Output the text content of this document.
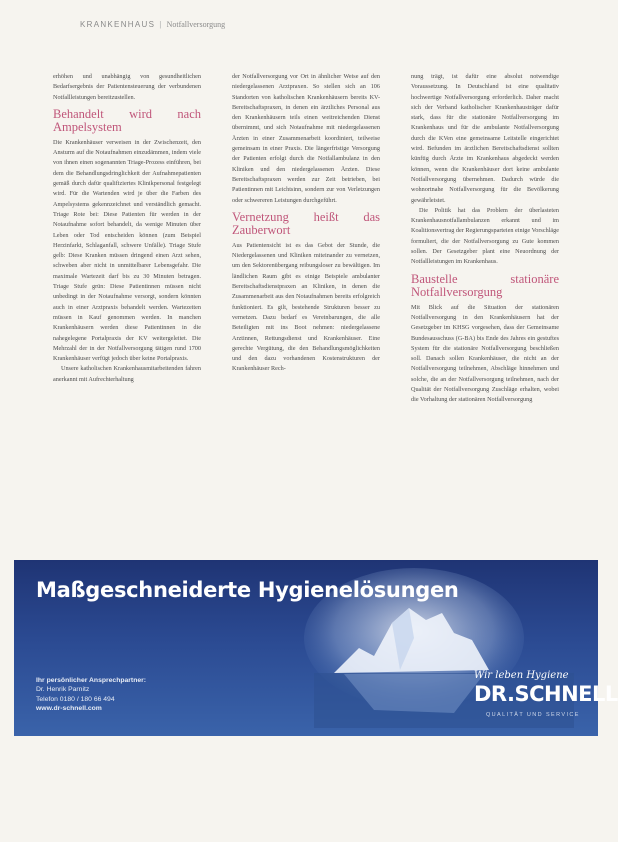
KRANKENHAUS | Notfallversorgung

erhöhen und unabhängig von gesundheitlichen Bedarfsergebnis der Patientensteuerung der verbundenen Notfallleistungen bereitzustellen.

Behandelt wird nach Ampelsystem

Die Krankenhäuser verweisen in der Zwischenzeit, den Ansturm auf die Notaufnahmen einzudämmen, indem viele von ihnen einen sogenannten Triage-Prozess einführen, bei dem die Behandlungsdringlichkeit der Aufnahmepatienten gemäß durch dafür qualifiziertes Klinikpersonal festgelegt wird. Für die Wartenden wird je über die Farben des Ampelsystems gekennzeichnet und verständlich gemacht. Triage Rote bei: Diese Patienten für werden in der Notaufnahme sofort behandelt, da wenige Minuten über Leben oder Tod entscheiden können (zum Beispiel Herzinfarkt, Schlaganfall, schwere Unfälle). Triage Stufe gelb: Diese Kranken müssen dringend einen Arzt sehen, schweben aber nicht in unmittelbarer Lebensgefahr. Die maximale Wartezeit darf bis zu 30 Minuten betragen. Triage Stufe grün: Diese Patientinnen müssen nicht unbedingt in der Notaufnahme versorgt, sondern könnten auch in einer Arztpraxis behandelt werden. Wartezeiten müssen in Kauf genommen werden. In manchen Krankenhäusern werden diese Patientinnen in die nahegelegene Portalpraxis der KV weitergeleitet. Die Mehrzahl der in der Notfallversorgung tätigen rund 1700 Krankenhäuser verfügt jedoch über keine Portalpraxis.

Unsere katholischen Krankenhausmitarbeitenden fahren anerkannt mit Aufrechterhaltung

der Notfallversorgung vor Ort in ähnlicher Weise auf den niedergelassenen Arztpraxen. So stellen sich an 106 Standorten von katholischen Krankenhäusern bereits KV-Bereitschaftspraxen, in denen ein ärztliches Personal aus den Krankenhäusern teils einen weitreichenden Dienst übernimmt, und sich Notaufnahme mit niedergelassenen Ärzten in einer Zusammenarbeit koordiniert, teilweise gemeinsam in einer Praxis. Die längerfristige Versorgung der Patienten erfolgt durch die Notfallambulanz in den Kliniken und den niedergelassenen Ärzten. Diese Bereitschaftspraxen werden zur Zeit betrieben, bei Patientinnen mit Leichtsinn, sondern zur von Verletzungen oder schwereren Leistungen durchgeführt.

Vernetzung heißt das Zauberwort

Aus Patientensicht ist es das Gebot der Stunde, die Niedergelassenen und Kliniken miteinander zu vernetzen, um den Sektorenübergang reibungsloser zu bewältigen. Im ländlichen Raum gibt es einige Beispiele ambulanter Bereitschaftsdienstpraxen an Kliniken, in denen die Zusammenarbeit aus den Notaufnahmen bereits erfolgreich funktioniert. Es gilt, bestehende Strukturen besser zu vernetzen. Dazu bedarf es Vereinbarungen, die alle Beteiligten mit ins Boot nehmen: niedergelassene Arztinnen, Rettungsdienst und Krankenhäuser. Eine gerechte Vergütung, die den Behandlungsmöglichkeiten und den dazu vorhandenen Kostenstrukturen der Krankenhäuser Rech-

nung trägt, ist dafür eine absolut notwendige Voraussetzung. In Deutschland ist eine qualitativ hochwertige Notfallversorgung erforderlich. Daher macht sich der Verband katholischer Krankenhausträger dafür stark, dass für die stationäre Notfallversorgung im Krankenhaus und für die ambulante Notfallversorgung durch die KVen eine gemeinsame Leitstelle eingerichtet wird. Befunden im ärztlichen Bereitschaftsdienst sollten künftig durch Ärzte im Krankenhaus abgedeckt werden können, wenn die Krankenhäuser dort keine ambulante Notfallversorgung übernehmen. Dadurch würde die wohnortnahe Notfallversorgung für die Bevölkerung gewährleistet.

Die Politik hat das Problem der überlasteten Krankenhausnotfallambulanzen erkannt und im Koalitionsvertrag der Regierungsparteien einige Vorschläge formuliert, die der Notfallversorgung zu Gute kommen sollen. Der Gesetzgeber plant eine Neuordnung der Notfallleistungen im Krankenhaus.

Baustelle stationäre Notfallversorgung

Mit Blick auf die Situation der stationären Notfallversorgung in den Krankenhäusern hat der Gesetzgeber im KHSG vorgesehen, dass der Gemeinsame Bundesausschuss (G-BA) bis Ende des Jahres ein gestuftes System für die stationäre Notfallversorgung beschließen soll. Danach sollen Krankenhäuser, die nicht an der Notfallversorgung teilnehmen, Abschläge hinnehmen und solche, die an der Notfallversorgung teilnehmen, nach der Qualität der Notfallversorgung Zuschläge erhalten, wobei die Vorhaltung der stationären Notfallversorgung

Maßgeschneiderte Hygienelösungen
Ihr persönlicher Ansprechpartner:
Dr. Henrik Parnitz
Telefon 0180 / 180 66 494
www.dr-schnell.com
Wir leben Hygiene
DR.SCHNELL
QUALITÄT UND SERVICE
